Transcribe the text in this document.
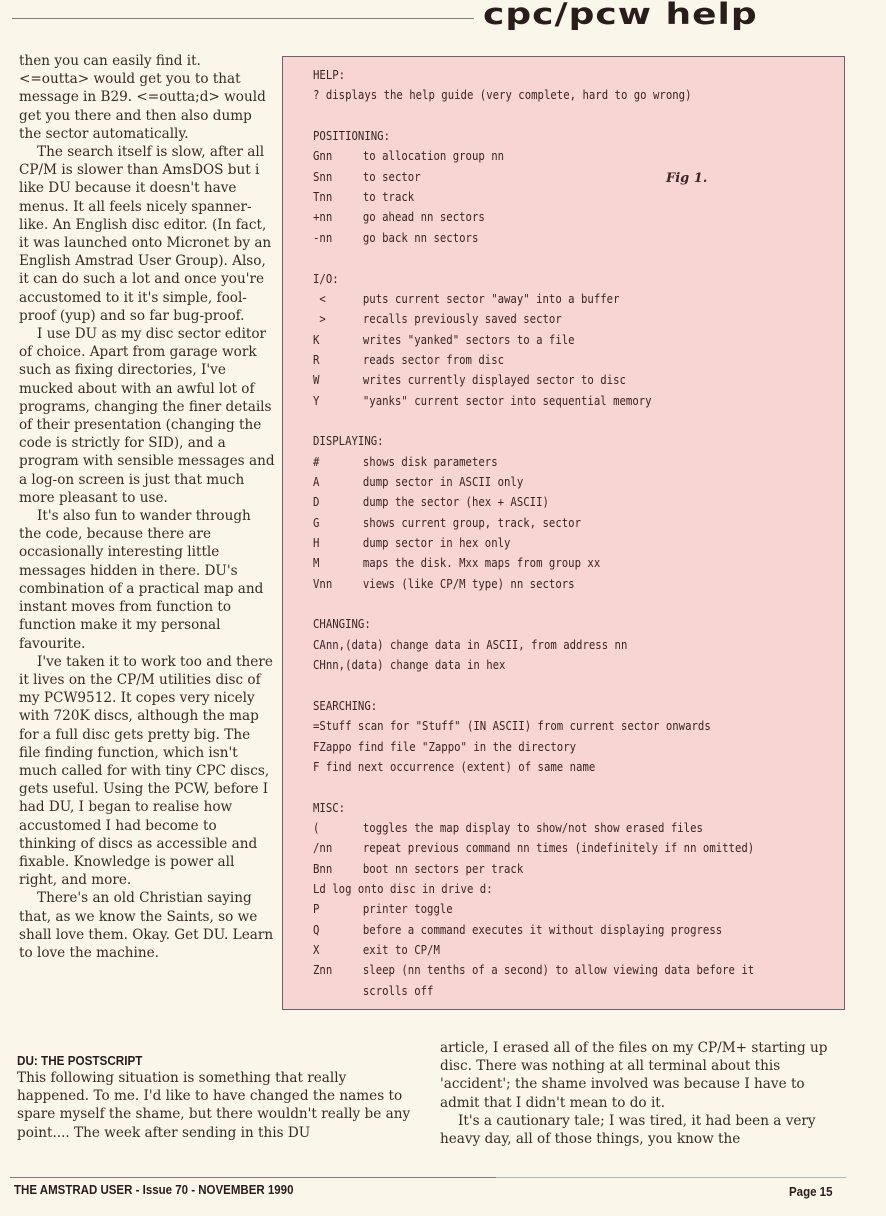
cpc/pcw help

then you can easily find it. <=outta> would get you to that message in B29. <=outta;d> would get you there and then also dump the sector automatically.

The search itself is slow, after all CP/M is slower than AmsDOS but i like DU because it doesn't have menus. It all feels nicely spanner-like. An English disc editor. (In fact, it was launched onto Micronet by an English Amstrad User Group). Also, it can do such a lot and once you're accustomed to it it's simple, fool-proof (yup) and so far bug-proof.

I use DU as my disc sector editor of choice. Apart from garage work such as fixing directories, I've mucked about with an awful lot of programs, changing the finer details of their presentation (changing the code is strictly for SID), and a program with sensible messages and a log-on screen is just that much more pleasant to use.

It's also fun to wander through the code, because there are occasionally interesting little messages hidden in there. DU's combination of a practical map and instant moves from function to function make it my personal favourite.

I've taken it to work too and there it lives on the CP/M utilities disc of my PCW9512. It copes very nicely with 720K discs, although the map for a full disc gets pretty big. The file finding function, which isn't much called for with tiny CPC discs, gets useful. Using the PCW, before I had DU, I began to realise how accustomed I had become to thinking of discs as accessible and fixable. Knowledge is power all right, and more.

There's an old Christian saying that, as we know the Saints, so we shall love them. Okay. Get DU. Learn to love the machine.

Fig 1.
HELP:
? displays the help guide (very complete, hard to go wrong)
POSITIONING:
Gnn to allocation group nn
Snn to sector
Tnn to track
+nn go ahead nn sectors
-nn go back nn sectors
I/O:
<	puts current sector "away" into a buffer
>	recalls previously saved sector
K	writes "yanked" sectors to a file
R	reads sector from disc
W	writes currently displayed sector to disc
Y	"yanks" current sector into sequential memory
DISPLAYING:
#	shows disk parameters
A	dump sector in ASCII only
D	dump the sector (hex + ASCII)
G	shows current group, track, sector
H	dump sector in hex only
M	maps the disk. Mxx maps from group xx
Vnn views (like CP/M type) nn sectors
CHANGING:
CAnn,(data) change data in ASCII, from address nn
CHnn,(data) change data in hex
SEARCHING:
=Stuff scan for "Stuff" (IN ASCII) from current sector onwards
FZappo find file "Zappo" in the directory
F find next occurrence (extent) of same name
MISC:
(	toggles the map display to show/not show erased files
/nn repeat previous command nn times (indefinitely if nn omitted)
Bnn boot nn sectors per track
Ld log onto disc in drive d:
P	printer toggle
Q	before a command executes it without displaying progress
X	exit to CP/M
Znn sleep (nn tenths of a second) to allow viewing data before it
scrolls off
DU: THE POSTSCRIPT

This following situation is something that really happened. To me. I'd like to have changed the names to spare myself the shame, but there wouldn't really be any point.... The week after sending in this DU

article, I erased all of the files on my CP/M+ starting up disc. There was nothing at all terminal about this 'accident'; the shame involved was because I have to admit that I didn't mean to do it.

It's a cautionary tale; I was tired, it had been a very heavy day, all of those things, you know the

THE AMSTRAD USER - Issue 70 - NOVEMBER 1990	Page 15
